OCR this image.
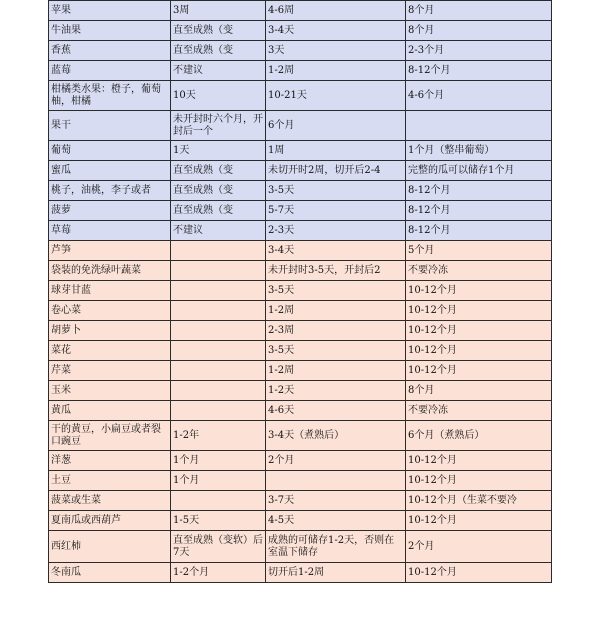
苹果	3周	4-6周	8个月
牛油果	直至成熟（变	3-4天	8个月
香蕉	直至成熟（变	3天	2-3个月
蓝莓	不建议	1-2周	8-12个月
柑橘类水果：橙子，葡萄柚，柑橘	10天	10-21天	4-6个月
果干	未开封时六个月，开封后一个	6个月	
葡萄	1天	1周	1个月（整串葡萄）
蜜瓜	直至成熟（变	未切开时2周，切开后2-4	完整的瓜可以储存1个月
桃子，油桃，李子或者	直至成熟（变	3-5天	8-12个月
菠萝	直至成熟（变	5-7天	8-12个月
草莓	不建议	2-3天	8-12个月
芦笋		3-4天	5个月
袋装的免洗绿叶蔬菜		未开封时3-5天，开封后2	不要冷冻
球芽甘蓝		3-5天	10-12个月
卷心菜		1-2周	10-12个月
胡萝卜		2-3周	10-12个月
菜花		3-5天	10-12个月
芹菜		1-2周	10-12个月
玉米		1-2天	8个月
黄瓜		4-6天	不要冷冻
干的黄豆，小扁豆或者裂口豌豆	1-2年	3-4天（煮熟后）	6个月（煮熟后）
洋葱	1个月	2个月	10-12个月
土豆	1个月		10-12个月
菠菜或生菜		3-7天	10-12个月（生菜不要冷
夏南瓜或西葫芦	1-5天	4-5天	10-12个月
西红柿	直至成熟（变软）后7天	成熟的可储存1-2天，否则在室温下储存	2个月
冬南瓜	1-2个月	切开后1-2周	10-12个月
